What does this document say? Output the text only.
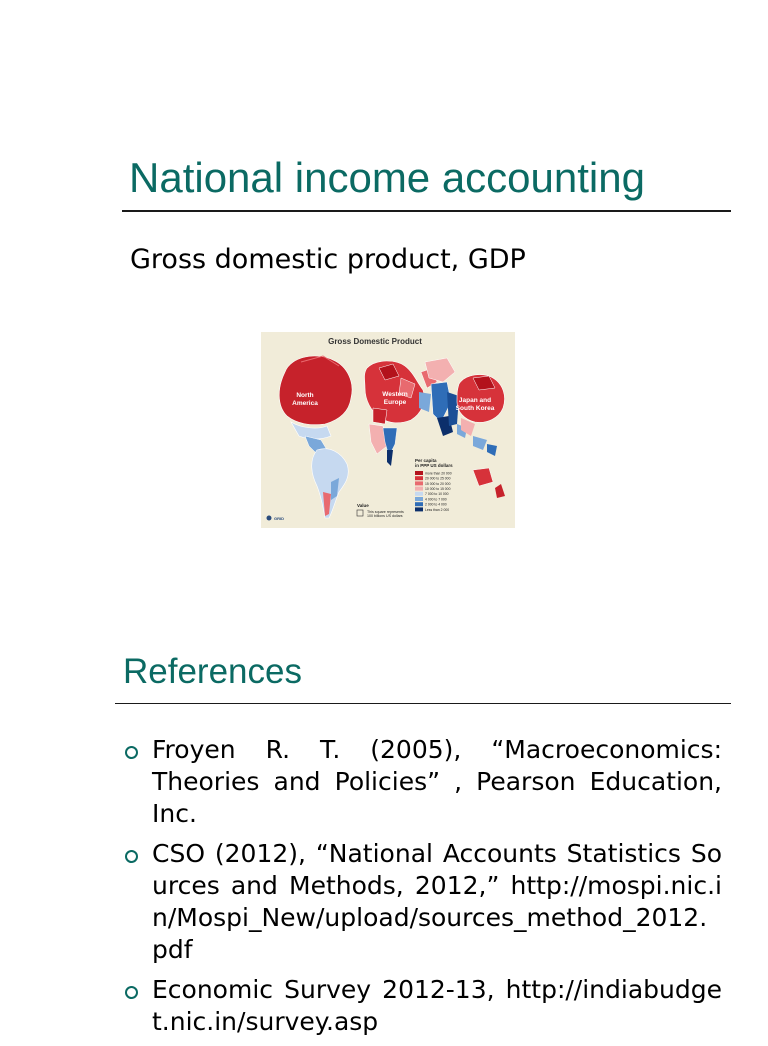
National income accounting

Gross domestic product, GDP

Gross Domestic Product
North
America
Western
Europe	Japan and
South Korea
Per capita
in PPP US dollars
more than 20 000
20 000 to 25 000
15 000 to 20 000
10 000 to 15 000
7 000 to 10 000
4 000 to 7 000
2 000 to 4 000
Less than 2 000
Value
This square represents
100 billions US dollars
GRID
References

Froyen R. T. (2005), “Macroeconomics: Theories and Policies” , Pearson Education, Inc.

CSO (2012), “National Accounts Statistics Sources and Methods, 2012,” http://mospi.nic.in/Mospi_New/upload/sources_method_2012.pdf

Economic Survey 2012-13, http://indiabudget.nic.in/survey.asp
